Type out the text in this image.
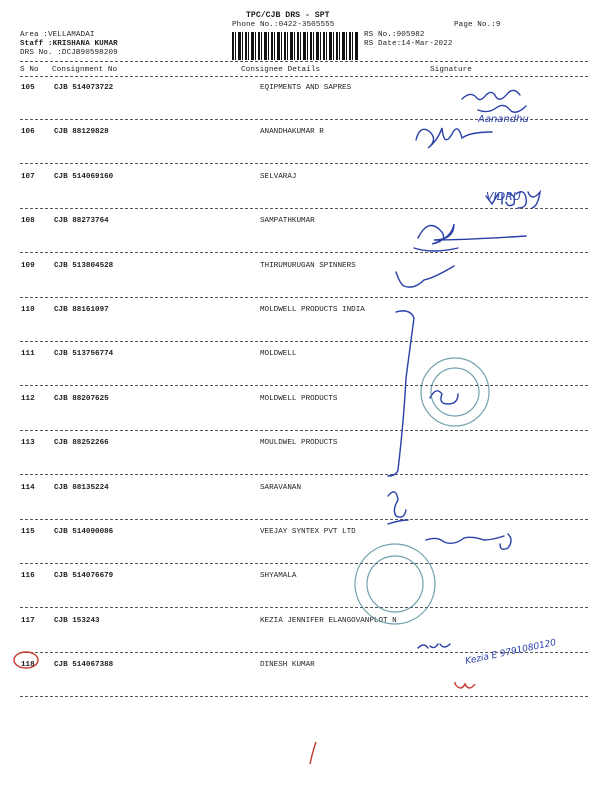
TPC/CJB DRS - SPT
Phone No.:0422-3505555	Page No.:9
Area :VELLAMADAI
Staff :KRISHANA KUMAR
DRS No. :DCJB90598209
RS No.:905982
RS Date:14-Mar-2022
S No Consignment No	Consignee Details	Signature
105	CJB 514073722	EQIPMENTS AND SAPRES
106	CJB 88129828	ANANDHAKUMAR R
107	CJB 514069160	SELVARAJ
108	CJB 88273764	SAMPATHKUMAR
109	CJB 513804528	THIRUMURUGAN SPINNERS
110	CJB 88161097	MOLDWELL PRODUCTS INDIA
111	CJB 513756774	MOLDWELL
112	CJB 88207625	MOLDWELL PRODUCTS
113	CJB 88252266	MOULDWEL PRODUCTS
114	CJB 88135224	SARAVANAN
115	CJB 514090086	VEEJAY SYNTEX PVT LTD
116	CJB 514076679	SHYAMALA
117	CJB 153243	KEZIA JENNIFER ELANGOVANPLOT N
118	CJB 514067388	DINESH KUMAR
Aanandhu
VIDRU
Kezia E 9791080120
